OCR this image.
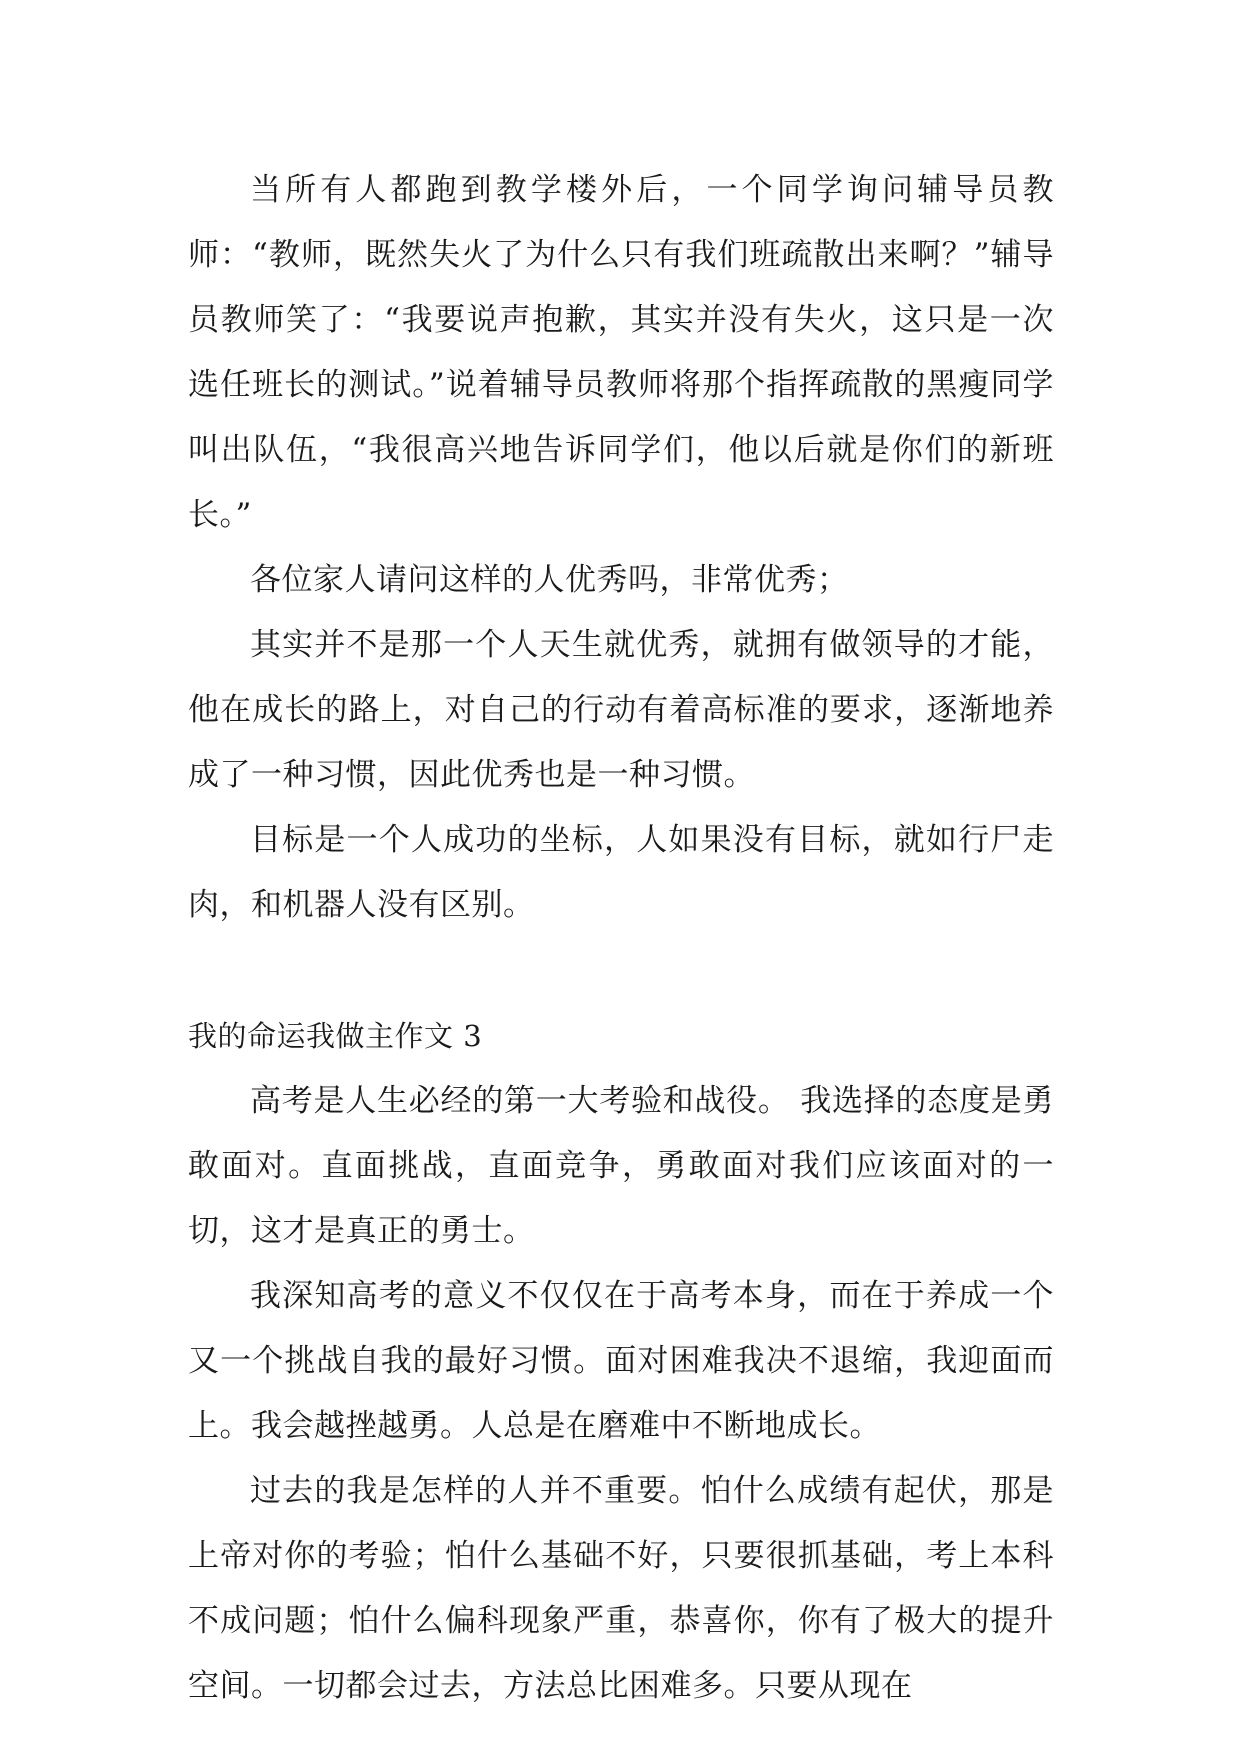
当所有人都跑到教学楼外后，一个同学询问辅导员教师：“教师，既然失火了为什么只有我们班疏散出来啊？”辅导员教师笑了：“我要说声抱歉，其实并没有失火，这只是一次选任班长的测试。”说着辅导员教师将那个指挥疏散的黑瘦同学叫出队伍，“我很高兴地告诉同学们，他以后就是你们的新班长。”

各位家人请问这样的人优秀吗，非常优秀；

其实并不是那一个人天生就优秀，就拥有做领导的才能，他在成长的路上，对自己的行动有着高标准的要求，逐渐地养成了一种习惯，因此优秀也是一种习惯。

目标是一个人成功的坐标，人如果没有目标，就如行尸走肉，和机器人没有区别。

我的命运我做主作文 3

高考是人生必经的第一大考验和战役。 我选择的态度是勇敢面对。直面挑战，直面竞争，勇敢面对我们应该面对的一切，这才是真正的勇士。

我深知高考的意义不仅仅在于高考本身，而在于养成一个又一个挑战自我的最好习惯。面对困难我决不退缩，我迎面而上。我会越挫越勇。人总是在磨难中不断地成长。

过去的我是怎样的人并不重要。怕什么成绩有起伏，那是上帝对你的考验；怕什么基础不好，只要很抓基础，考上本科不成问题；怕什么偏科现象严重，恭喜你，你有了极大的提升空间。一切都会过去，方法总比困难多。只要从现在
